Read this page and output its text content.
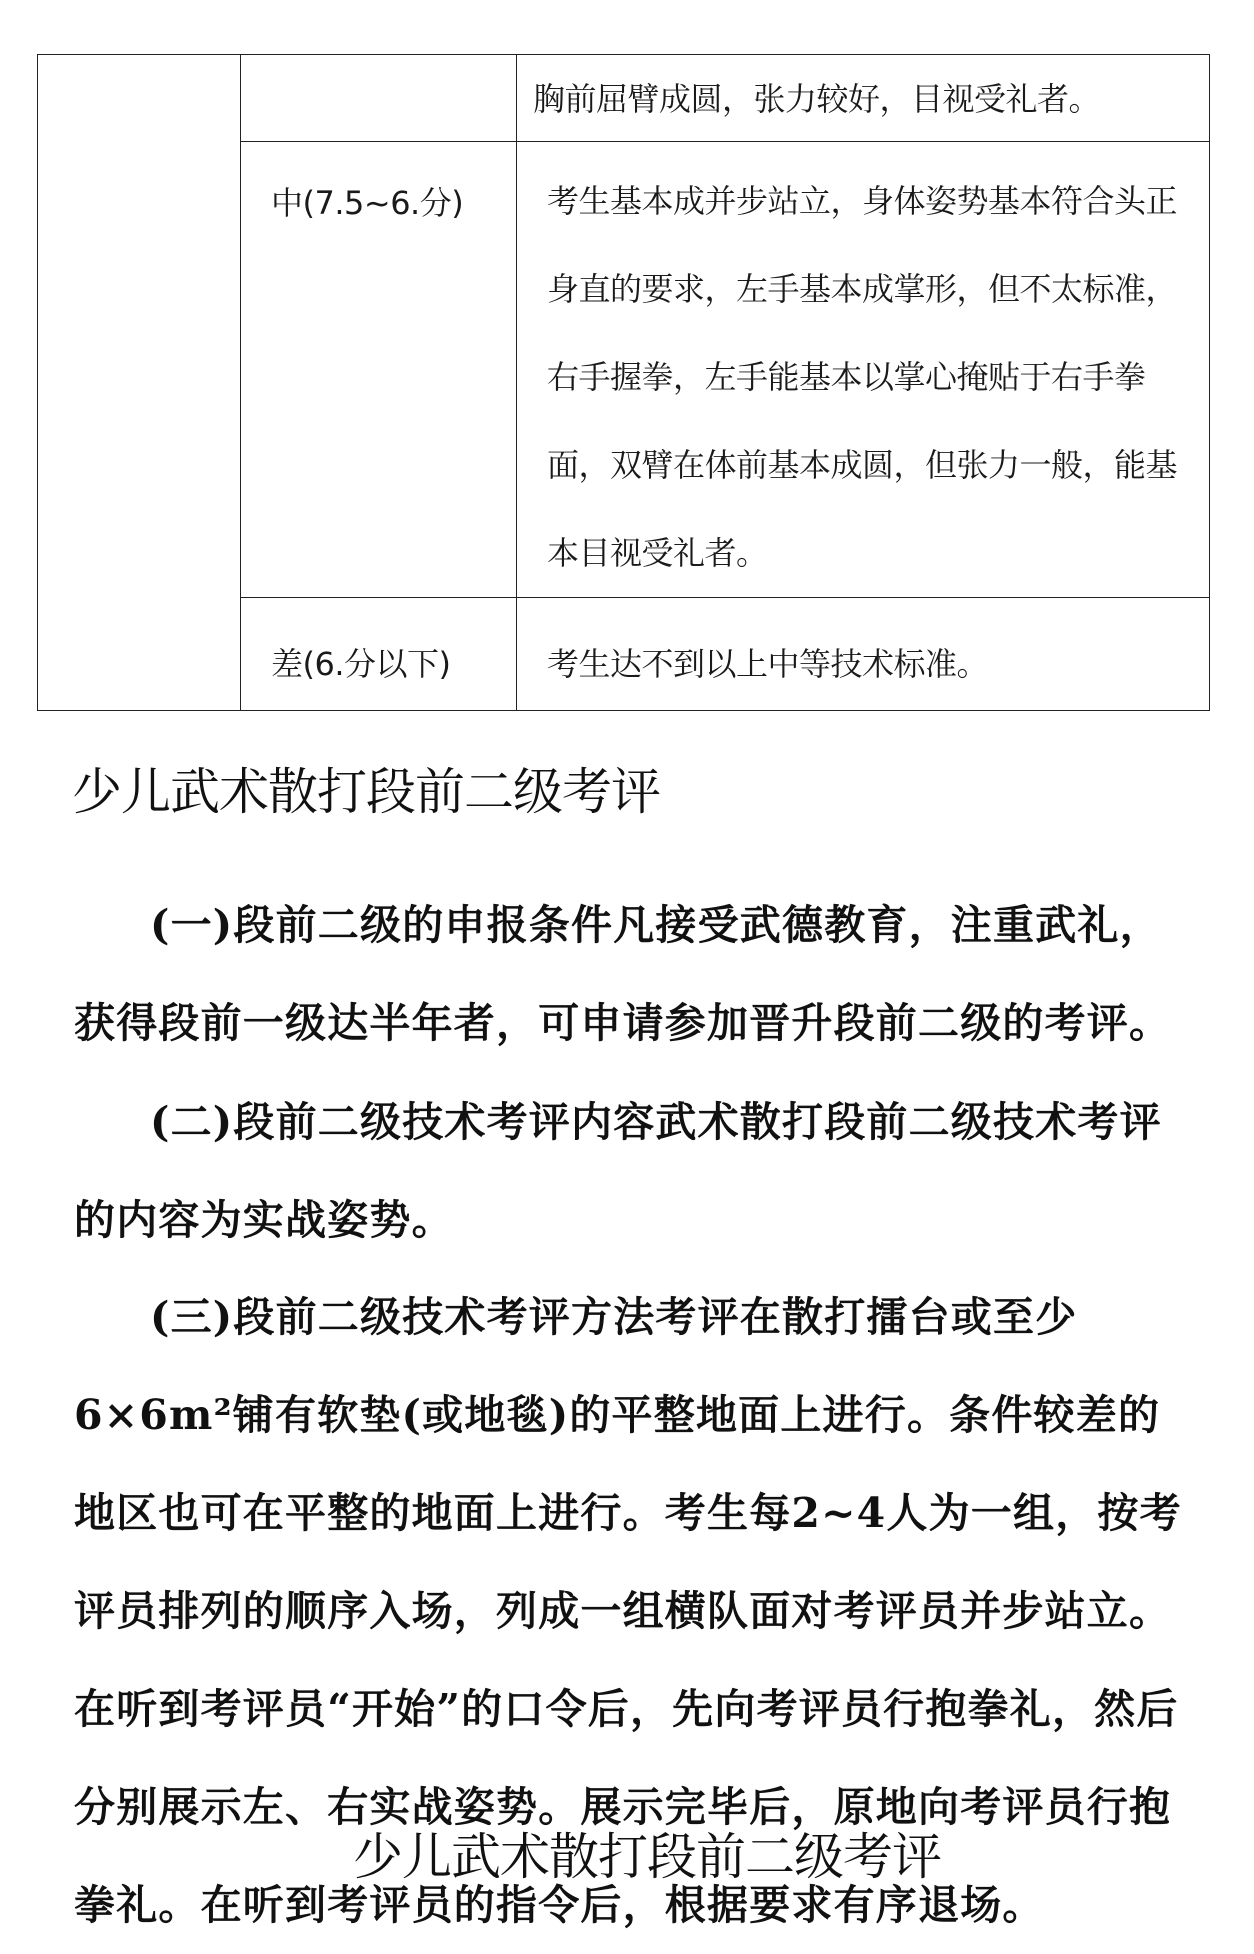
		胸前屈臂成圆，张力较好，目视受礼者。

	中(7.5~6.分)	考生基本成并步站立，身体姿势基本符合头正身直的要求，左手基本成掌形，但不太标准，右手握拳，左手能基本以掌心掩贴于右手拳面，双臂在体前基本成圆，但张力一般，能基本目视受礼者。

	差(6.分以下)	考生达不到以上中等技术标准。
少儿武术散打段前二级考评

(一)段前二级的申报条件凡接受武德教育，注重武礼，获得段前一级达半年者，可申请参加晋升段前二级的考评。

(二)段前二级技术考评内容武术散打段前二级技术考评的内容为实战姿势。

(三)段前二级技术考评方法考评在散打擂台或至少6×6m²铺有软垫(或地毯)的平整地面上进行。条件较差的地区也可在平整的地面上进行。考生每2~4人为一组，按考评员排列的顺序入场，列成一组横队面对考评员并步站立。在听到考评员“开始”的口令后，先向考评员行抱拳礼，然后分别展示左、右实战姿势。展示完毕后，原地向考评员行抱拳礼。在听到考评员的指令后，根据要求有序退场。

少儿武术散打段前二级考评
